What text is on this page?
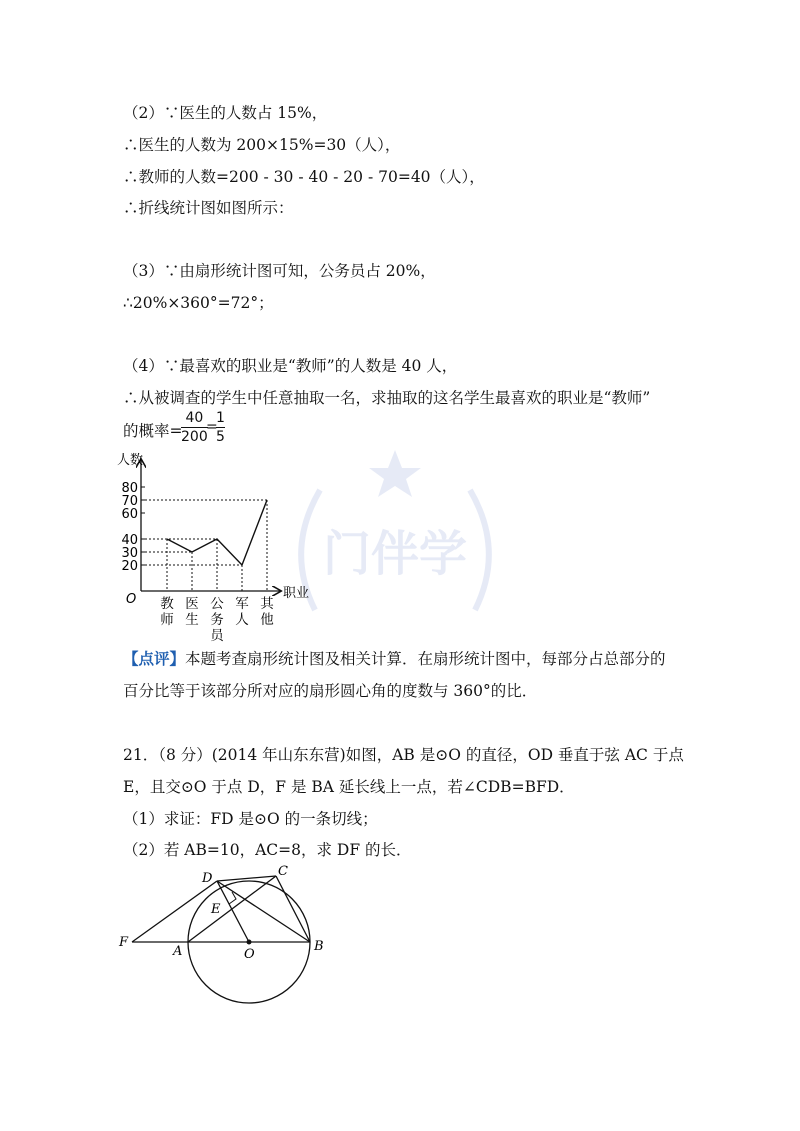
门伴学
（2）∵医生的人数占 15%，
∴医生的人数为 200×15%=30（人），
∴教师的人数=200 - 30 - 40 - 20 - 70=40（人），
∴折线统计图如图所示：
（3）∵由扇形统计图可知，公务员占 20%，
∴20%×360°=72°；
（4）∵最喜欢的职业是“教师”的人数是 40 人，
∴从被调查的学生中任意抽取一名，求抽取的这名学生最喜欢的职业是“教师”
的概率=
40
200
=
1
5
人数
职业
O
20
30
40
60
70
80
教
师
医
生
公
务
员
军
人
其
他
【点评】本题考查扇形统计图及相关计算．在扇形统计图中，每部分占总部分的
百分比等于该部分所对应的扇形圆心角的度数与 360°的比．
21．（8 分）(2014 年山东东营)如图，AB 是⊙O 的直径，OD 垂直于弦 AC 于点
E，且交⊙O 于点 D，F 是 BA 延长线上一点，若∠CDB=BFD．
（1）求证：FD 是⊙O 的一条切线；
（2）若 AB=10，AC=8，求 DF 的长．
D	C
E
F
A	O
B
